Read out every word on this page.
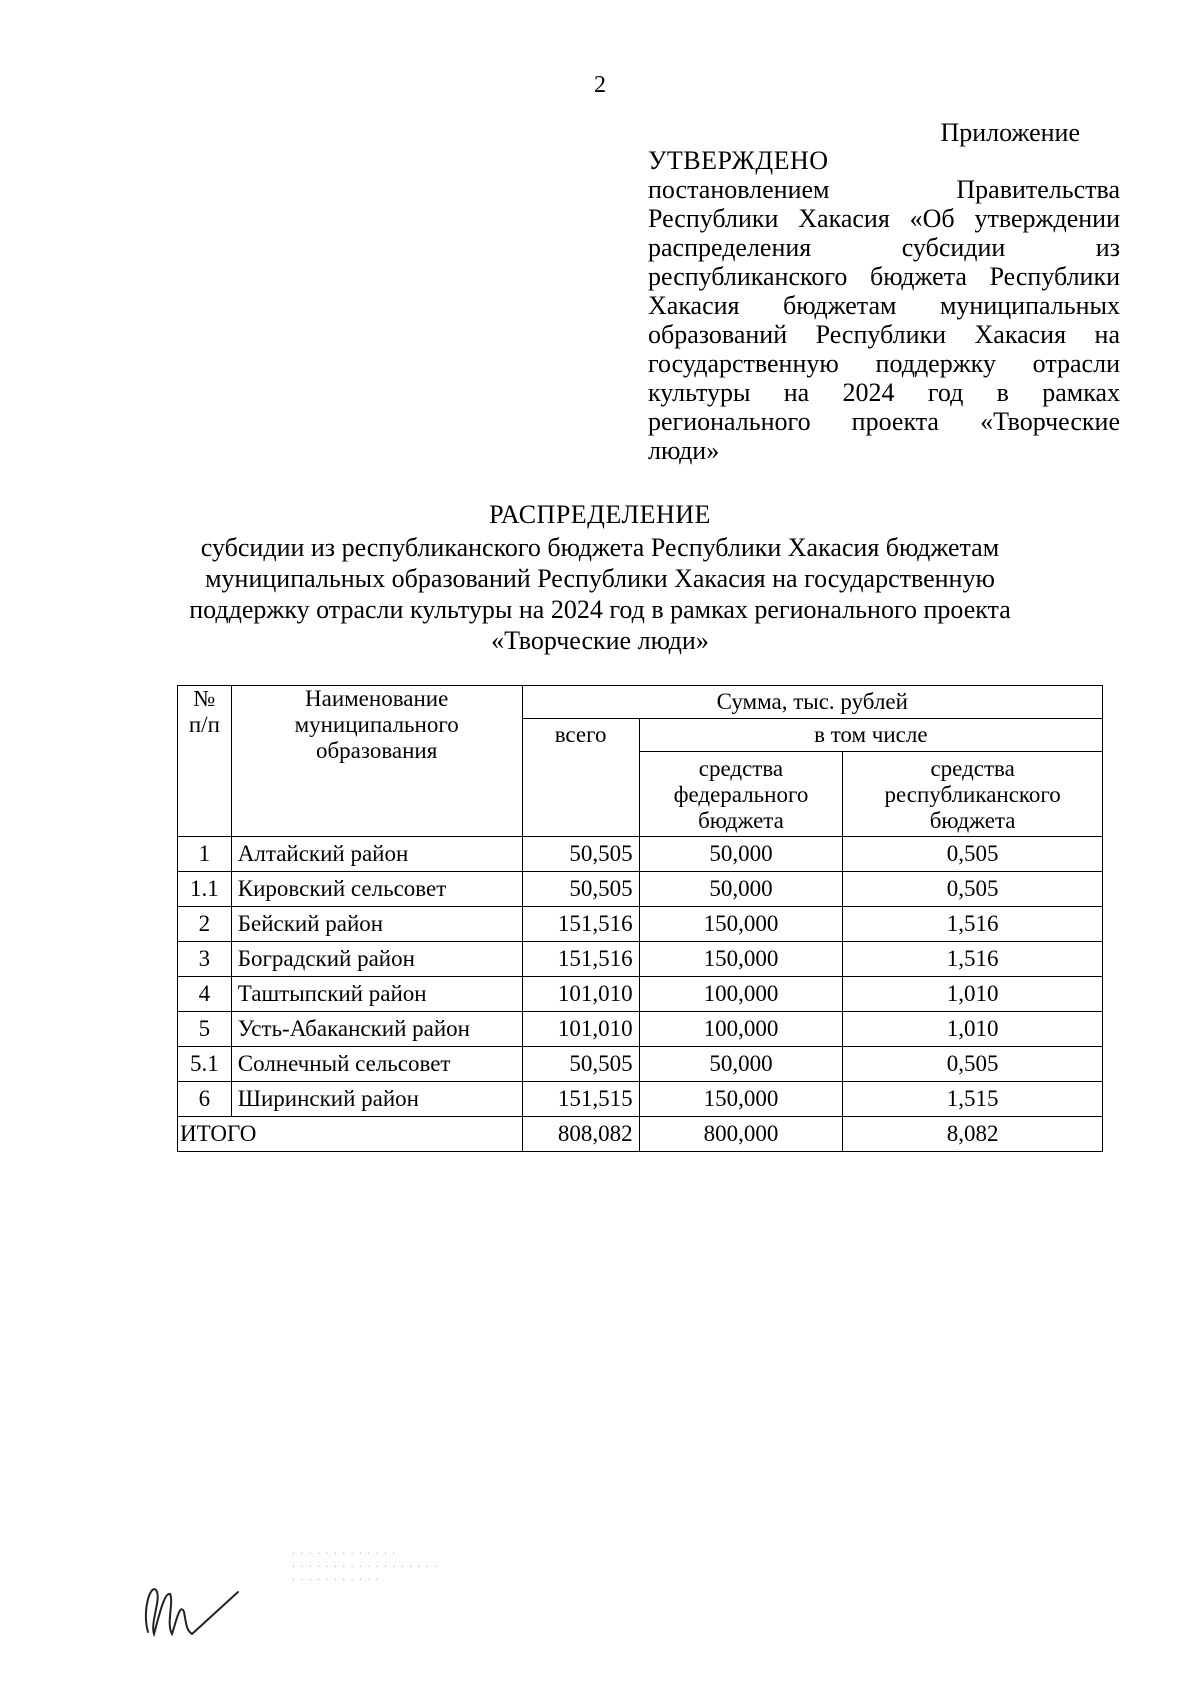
2
Приложение
УТВЕРЖДЕНО
постановлением Правительства Республики Хакасия «Об утверждении распределения субсидии из республиканского бюджета Республики Хакасия бюджетам муниципальных образований Республики Хакасия на государственную поддержку отрасли культуры на 2024 год в рамках регионального проекта «Творческие люди»
РАСПРЕДЕЛЕНИЕ
субсидии из республиканского бюджета Республики Хакасия бюджетам муниципальных образований Республики Хакасия на государственную поддержку отрасли культуры на 2024 год в рамках регионального проекта «Творческие люди»
№ п/п	Наименование муниципального образования	Сумма, тыс. рублей		
		всего	в том числе	
			средства федерального бюджета	средства республиканского бюджета
1	Алтайский район	50,505	50,000	0,505
1.1	Кировский сельсовет	50,505	50,000	0,505
2	Бейский район	151,516	150,000	1,516
3	Боградский район	151,516	150,000	1,516
4	Таштыпский район	101,010	100,000	1,010
5	Усть-Абаканский район	101,010	100,000	1,010
5.1	Солнечный сельсовет	50,505	50,000	0,505
6	Ширинский район	151,515	150,000	1,515
ИТОГО		808,082	800,000	8,082
· · · · · · · · · · · · ·
· · · · · · · · · · · · · · · · · ·
· · · · · · · · · · ·
